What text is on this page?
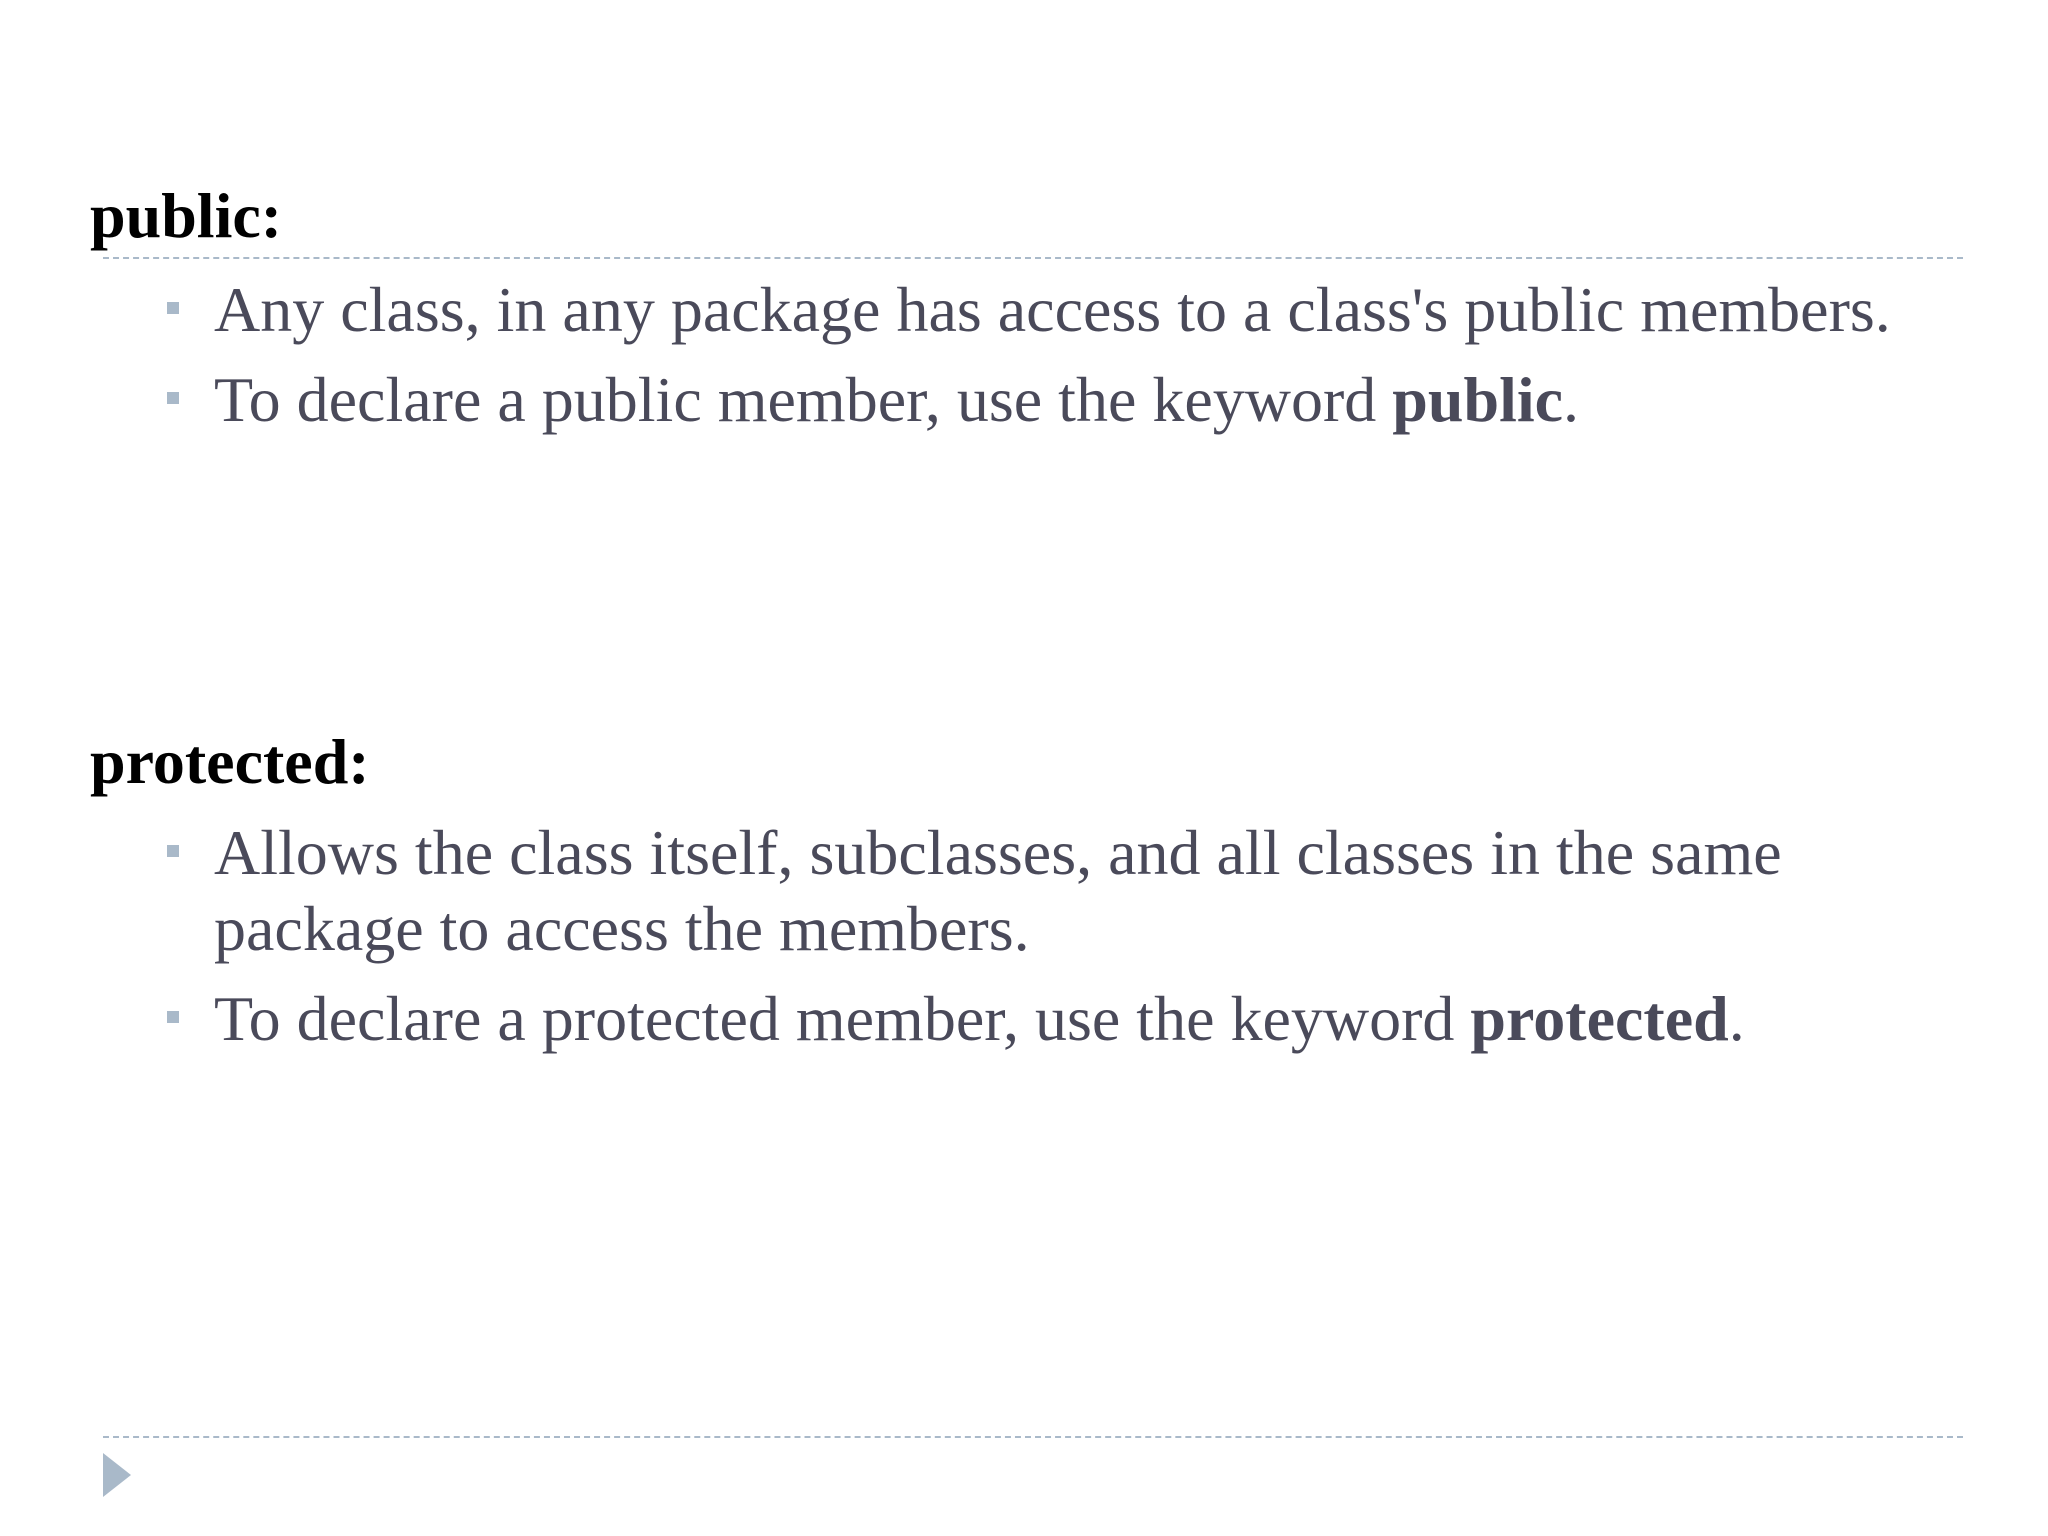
public:
Any class, in any package has access to a class's public members.
To declare a public member, use the keyword public.
protected:
Allows the class itself, subclasses, and all classes in the same package to access the members.
To declare a protected member, use the keyword protected.
